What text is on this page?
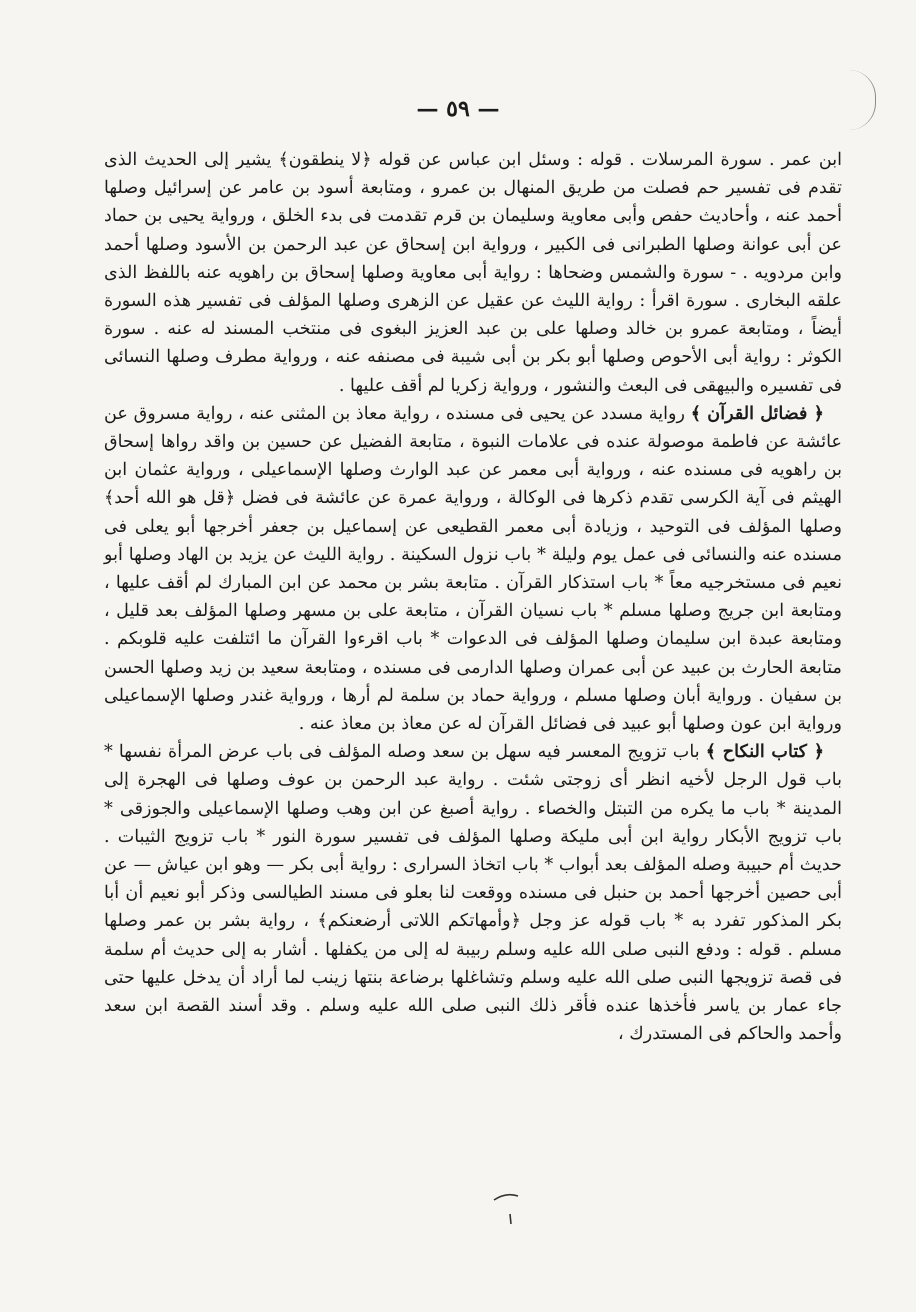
— ٥٩ —

ابن عمر . سورة المرسلات . قوله : وسئل ابن عباس عن قوله ﴿لا ينطقون﴾ يشير إلى الحديث الذى تقدم فى تفسير حم فصلت من طريق المنهال بن عمرو ، ومتابعة أسود بن عامر عن إسرائيل وصلها أحمد عنه ، وأحاديث حفص وأبى معاوية وسليمان بن قرم تقدمت فى بدء الخلق ، ورواية يحيى بن حماد عن أبى عوانة وصلها الطبرانى فى الكبير ، ورواية ابن إسحاق عن عبد الرحمن بن الأسود وصلها أحمد وابن مردويه . - سورة والشمس وضحاها : رواية أبى معاوية وصلها إسحاق بن راهويه عنه باللفظ الذى علقه البخارى . سورة اقرأ : رواية الليث عن عقيل عن الزهرى وصلها المؤلف فى تفسير هذه السورة أيضاً ، ومتابعة عمرو بن خالد وصلها على بن عبد العزيز البغوى فى منتخب المسند له عنه . سورة الكوثر : رواية أبى الأحوص وصلها أبو بكر بن أبى شيبة فى مصنفه عنه ، ورواية مطرف وصلها النسائى فى تفسيره والبيهقى فى البعث والنشور ، ورواية زكريا لم أقف عليها .

﴿ فضائل القرآن ﴾ رواية مسدد عن يحيى فى مسنده ، رواية معاذ بن المثنى عنه ، رواية مسروق عن عائشة عن فاطمة موصولة عنده فى علامات النبوة ، متابعة الفضيل عن حسين بن واقد رواها إسحاق بن راهويه فى مسنده عنه ، ورواية أبى معمر عن عبد الوارث وصلها الإسماعيلى ، ورواية عثمان ابن الهيثم فى آية الكرسى تقدم ذكرها فى الوكالة ، ورواية عمرة عن عائشة فى فضل ﴿قل هو الله أحد﴾ وصلها المؤلف فى التوحيد ، وزيادة أبى معمر القطيعى عن إسماعيل بن جعفر أخرجها أبو يعلى فى مسنده عنه والنسائى فى عمل يوم وليلة * باب نزول السكينة . رواية الليث عن يزيد بن الهاد وصلها أبو نعيم فى مستخرجيه معاً * باب استذكار القرآن . متابعة بشر بن محمد عن ابن المبارك لم أقف عليها ، ومتابعة ابن جريج وصلها مسلم * باب نسيان القرآن ، متابعة على بن مسهر وصلها المؤلف بعد قليل ، ومتابعة عبدة ابن سليمان وصلها المؤلف فى الدعوات * باب اقرءوا القرآن ما ائتلفت عليه قلوبكم . متابعة الحارث بن عبيد عن أبى عمران وصلها الدارمى فى مسنده ، ومتابعة سعيد بن زيد وصلها الحسن بن سفيان . ورواية أبان وصلها مسلم ، ورواية حماد بن سلمة لم أرها ، ورواية غندر وصلها الإسماعيلى ورواية ابن عون وصلها أبو عبيد فى فضائل القرآن له عن معاذ بن معاذ عنه .

﴿ كتاب النكاح ﴾ باب تزويج المعسر فيه سهل بن سعد وصله المؤلف فى باب عرض المرأة نفسها * باب قول الرجل لأخيه انظر أى زوجتى شئت . رواية عبد الرحمن بن عوف وصلها فى الهجرة إلى المدينة * باب ما يكره من التبتل والخصاء . رواية أصبغ عن ابن وهب وصلها الإسماعيلى والجوزقى * باب تزويج الأبكار رواية ابن أبى مليكة وصلها المؤلف فى تفسير سورة النور * باب تزويج الثيبات . حديث أم حبيبة وصله المؤلف بعد أبواب * باب اتخاذ السرارى : رواية أبى بكر — وهو ابن عياش — عن أبى حصين أخرجها أحمد بن حنبل فى مسنده ووقعت لنا بعلو فى مسند الطيالسى وذكر أبو نعيم أن أبا بكر المذكور تفرد به * باب قوله عز وجل ﴿وأمهاتكم اللاتى أرضعنكم﴾ ، رواية بشر بن عمر وصلها مسلم . قوله : ودفع النبى صلى الله عليه وسلم ربيبة له إلى من يكفلها . أشار به إلى حديث أم سلمة فى قصة تزويجها النبى صلى الله عليه وسلم وتشاغلها برضاعة بنتها زينب لما أراد أن يدخل عليها حتى جاء عمار بن ياسر فأخذها عنده فأقر ذلك النبى صلى الله عليه وسلم . وقد أسند القصة ابن سعد وأحمد والحاكم فى المستدرك ،
